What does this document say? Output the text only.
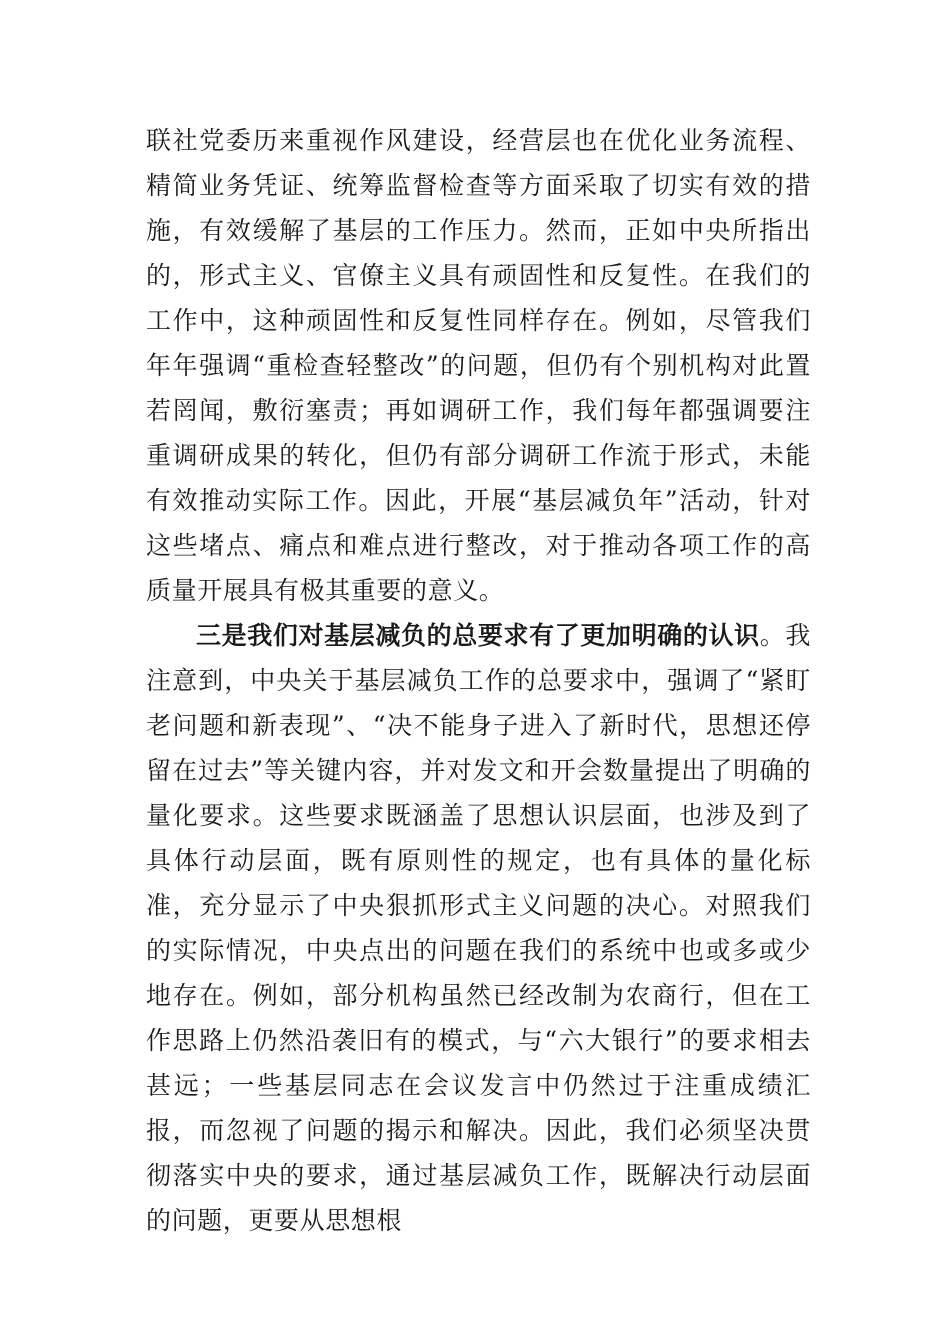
联社党委历来重视作风建设，经营层也在优化业务流程、精简业务凭证、统筹监督检查等方面采取了切实有效的措施，有效缓解了基层的工作压力。然而，正如中央所指出的，形式主义、官僚主义具有顽固性和反复性。在我们的工作中，这种顽固性和反复性同样存在。例如，尽管我们年年强调“重检查轻整改”的问题，但仍有个别机构对此置若罔闻，敷衍塞责；再如调研工作，我们每年都强调要注重调研成果的转化，但仍有部分调研工作流于形式，未能有效推动实际工作。因此，开展“基层减负年”活动，针对这些堵点、痛点和难点进行整改，对于推动各项工作的高质量开展具有极其重要的意义。

三是我们对基层减负的总要求有了更加明确的认识。我注意到，中央关于基层减负工作的总要求中，强调了“紧盯老问题和新表现”、“决不能身子进入了新时代，思想还停留在过去”等关键内容，并对发文和开会数量提出了明确的量化要求。这些要求既涵盖了思想认识层面，也涉及到了具体行动层面，既有原则性的规定，也有具体的量化标准，充分显示了中央狠抓形式主义问题的决心。对照我们的实际情况，中央点出的问题在我们的系统中也或多或少地存在。例如，部分机构虽然已经改制为农商行，但在工作思路上仍然沿袭旧有的模式，与“六大银行”的要求相去甚远；一些基层同志在会议发言中仍然过于注重成绩汇报，而忽视了问题的揭示和解决。因此，我们必须坚决贯彻落实中央的要求，通过基层减负工作，既解决行动层面的问题，更要从思想根
